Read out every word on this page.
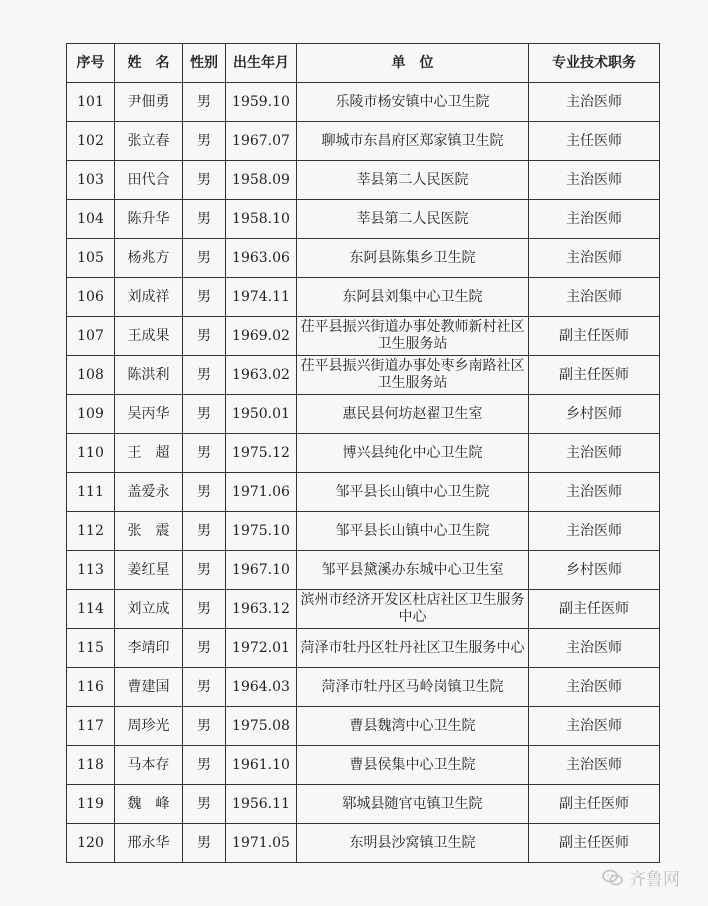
序号	姓　名	性别	出生年月	单　位	专业技术职务
101	尹佃勇	男	1959.10	乐陵市杨安镇中心卫生院	主治医师
102	张立春	男	1967.07	聊城市东昌府区郑家镇卫生院	主任医师
103	田代合	男	1958.09	莘县第二人民医院	主治医师
104	陈升华	男	1958.10	莘县第二人民医院	主治医师
105	杨兆方	男	1963.06	东阿县陈集乡卫生院	主治医师
106	刘成祥	男	1974.11	东阿县刘集中心卫生院	主治医师
107	王成果	男	1969.02	茌平县振兴街道办事处教师新村社区卫生服务站	副主任医师
108	陈洪利	男	1963.02	茌平县振兴街道办事处枣乡南路社区卫生服务站	副主任医师
109	吴丙华	男	1950.01	惠民县何坊赵翟卫生室	乡村医师
110	王　超	男	1975.12	博兴县纯化中心卫生院	主治医师
111	盖爱永	男	1971.06	邹平县长山镇中心卫生院	主治医师
112	张　震	男	1975.10	邹平县长山镇中心卫生院	主治医师
113	姜红星	男	1967.10	邹平县黛溪办东城中心卫生室	乡村医师
114	刘立成	男	1963.12	滨州市经济开发区杜店社区卫生服务中心	副主任医师
115	李靖印	男	1972.01	菏泽市牡丹区牡丹社区卫生服务中心	主治医师
116	曹建国	男	1964.03	菏泽市牡丹区马岭岗镇卫生院	主治医师
117	周珍光	男	1975.08	曹县魏湾中心卫生院	主治医师
118	马本存	男	1961.10	曹县侯集中心卫生院	主治医师
119	魏　峰	男	1956.11	郓城县随官屯镇卫生院	副主任医师
120	邢永华	男	1971.05	东明县沙窝镇卫生院	副主任医师
齐鲁网
